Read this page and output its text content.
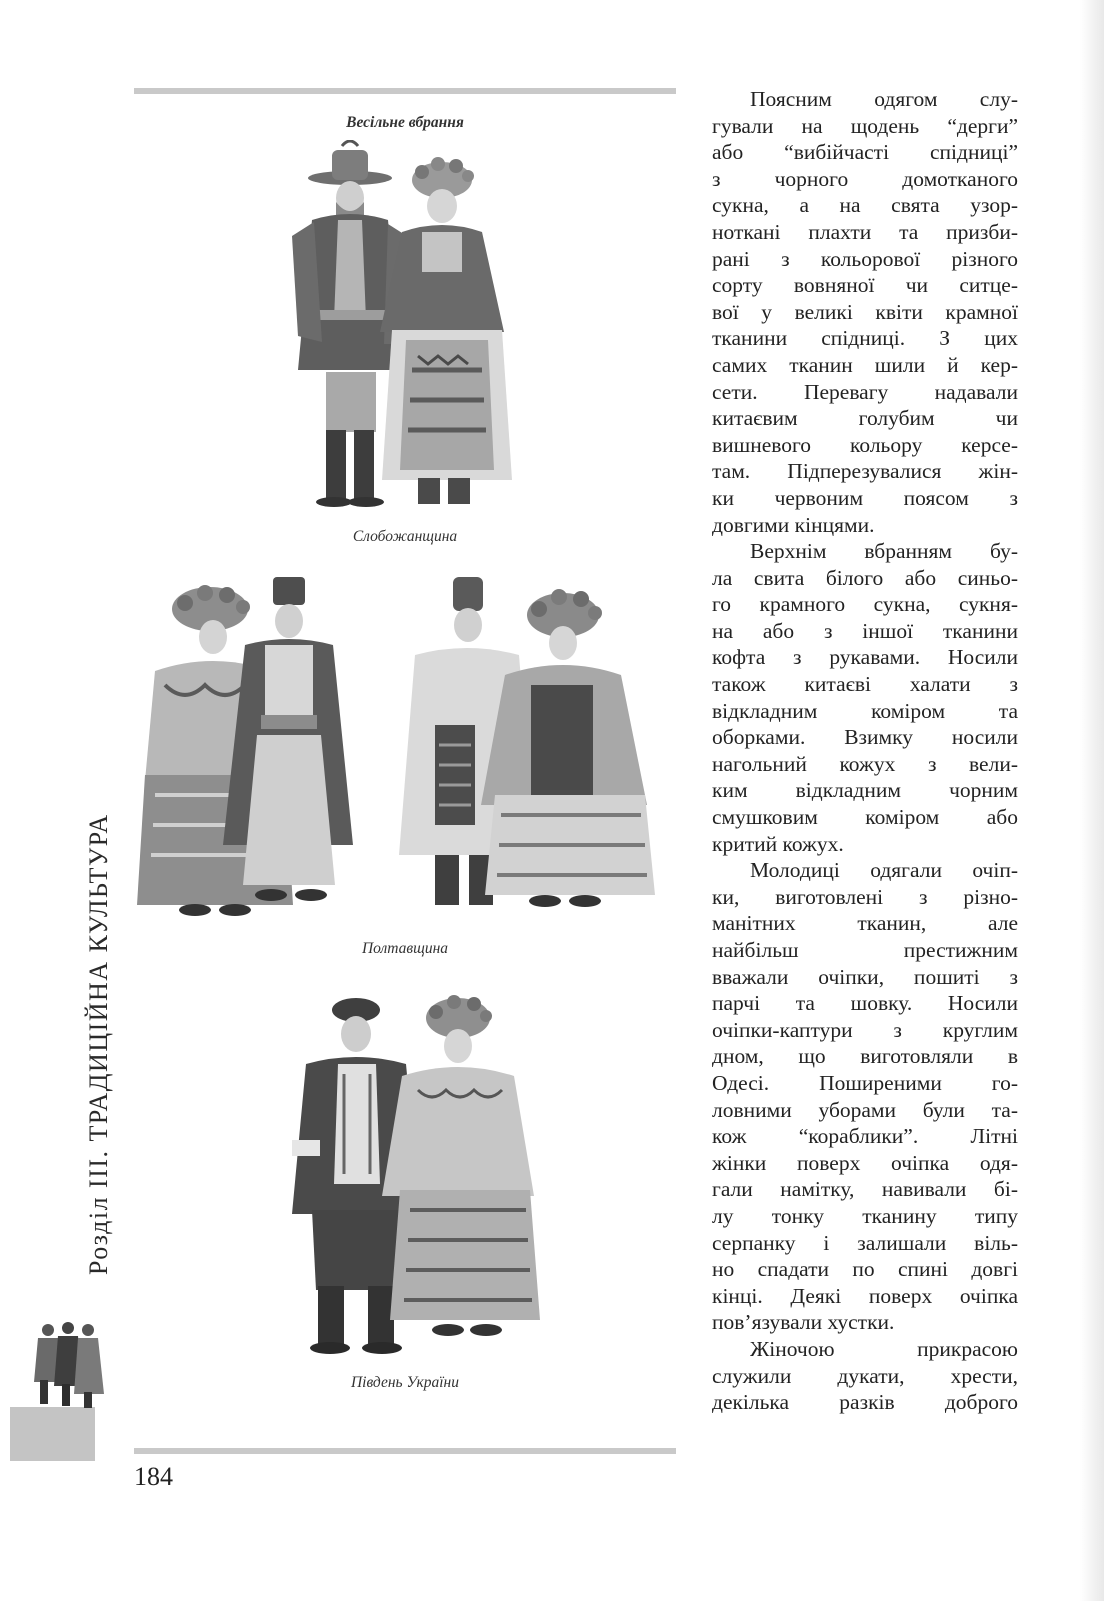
Весільне вбрання
Слобожанщина
Полтавщина
Південь України
Розділ III. ТРАДИЦІЙНА КУЛЬТУРА
184
Поясним одягом слу-
гували на щодень “дерги”
або “вибійчасті спідниці”
з чорного домотканого
сукна, а на свята узор-
ноткані плахти та призби-
рані з кольорової різного
сорту вовняної чи ситце-
вої у великі квіти крамної
тканини спідниці. З цих
самих тканин шили й кер-
сети. Перевагу надавали
китаєвим голубим чи
вишневого кольору керсе-
там. Підперезувалися жін-
ки червоним поясом з
довгими кінцями.
Верхнім вбранням бу-
ла свита білого або синьо-
го крамного сукна, сукня-
на або з іншої тканини
кофта з рукавами. Носили
також китаєві халати з
відкладним коміром та
оборками. Взимку носили
нагольний кожух з вели-
ким відкладним чорним
смушковим коміром або
критий кожух.
Молодиці одягали очіп-
ки, виготовлені з різно-
манітних тканин, але
найбільш престижним
вважали очіпки, пошиті з
парчі та шовку. Носили
очіпки-каптури з круглим
дном, що виготовляли в
Одесі. Поширеними го-
ловними уборами були та-
кож “кораблики”. Літні
жінки поверх очіпка одя-
гали намітку, навивали бі-
лу тонку тканину типу
серпанку і залишали віль-
но спадати по спині довгі
кінці. Деякі поверх очіпка
пов’язували хустки.
Жіночою прикрасою
служили дукати, хрести,
декілька разків доброго
